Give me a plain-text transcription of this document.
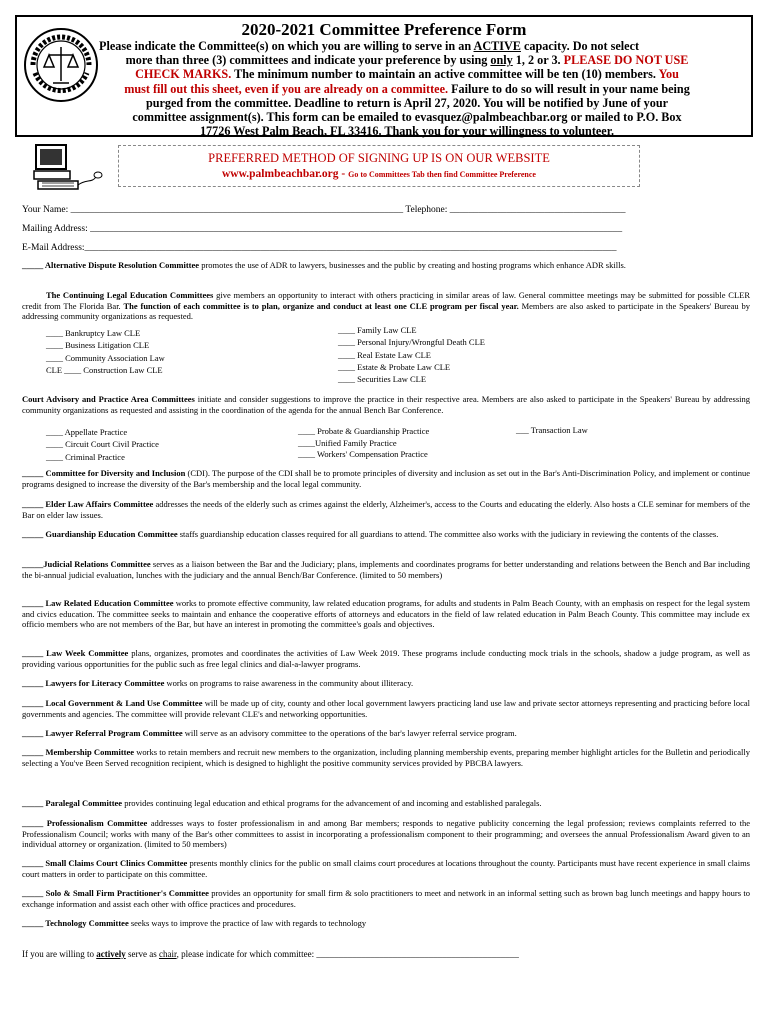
2020-2021 Committee Preference Form
Please indicate the Committee(s) on which you are willing to serve in an ACTIVE capacity. Do not select
more than three (3) committees and indicate your preference by using only 1, 2 or 3. PLEASE DO NOT USE
CHECK MARKS. The minimum number to maintain an active committee will be ten (10) members. You
must fill out this sheet, even if you are already on a committee. Failure to do so will result in your name being
purged from the committee. Deadline to return is April 27, 2020. You will be notified by June of your
committee assignment(s). This form can be emailed to evasquez@palmbeachbar.org or mailed to P.O. Box
17726 West Palm Beach, FL 33416. Thank you for your willingness to volunteer.
PREFERRED METHOD OF SIGNING UP IS ON OUR WEBSITE
www.palmbeachbar.org - Go to Committees Tab then find Committee Preference
Your Name: ______________________________________________________________________ Telephone: _____________________________________
Mailing Address: ________________________________________________________________________________________________________________
E-Mail Address:________________________________________________________________________________________________________________
_____ Alternative Dispute Resolution Committee promotes the use of ADR to lawyers, businesses and the public by creating and hosting programs which enhance ADR skills.
The Continuing Legal Education Committees give members an opportunity to interact with others practicing in similar areas of law. General committee meetings may be submitted for possible CLER credit from The Florida Bar. The function of each committee is to plan, organize and conduct at least one CLE program per fiscal year. Members are also asked to participate in the Speakers' Bureau by addressing community organizations as requested.
____ Bankruptcy Law CLE
____ Business Litigation CLE
____ Community Association Law
CLE ____ Construction Law CLE
____ Family Law CLE
____ Personal Injury/Wrongful Death CLE
____ Real Estate Law CLE
____ Estate & Probate Law CLE
____ Securities Law CLE
Court Advisory and Practice Area Committees initiate and consider suggestions to improve the practice in their respective area. Members are also asked to participate in the Speakers' Bureau by addressing community organizations as requested and assisting in the coordination of the agenda for the annual Bench Bar Conference.
____ Appellate Practice
____ Circuit Court Civil Practice
____ Criminal Practice
____ Probate & Guardianship Practice
____Unified Family Practice
____ Workers' Compensation Practice
___ Transaction Law
_____ Committee for Diversity and Inclusion (CDI). The purpose of the CDI shall be to promote principles of diversity and inclusion as set out in the Bar's Anti-Discrimination Policy, and implement or continue programs designed to increase the diversity of the Bar's membership and the local legal community.
_____ Elder Law Affairs Committee addresses the needs of the elderly such as crimes against the elderly, Alzheimer's, access to the Courts and educating the elderly. Also hosts a CLE seminar for members of the Bar on elder law issues.
_____ Guardianship Education Committee staffs guardianship education classes required for all guardians to attend. The committee also works with the judiciary in reviewing the contents of the classes.
_____Judicial Relations Committee serves as a liaison between the Bar and the Judiciary; plans, implements and coordinates programs for better understanding and relations between the Bench and Bar including the bi-annual judicial evaluation, lunches with the judiciary and the annual Bench/Bar Conference. (limited to 50 members)
_____ Law Related Education Committee works to promote effective community, law related education programs, for adults and students in Palm Beach County, with an emphasis on respect for the legal system and civics education. The committee seeks to maintain and enhance the cooperative efforts of attorneys and educators in the field of law related education in Palm Beach County. This committee may include ex officio members who are not members of the Bar, but have an interest in promoting the committee's goals and objectives.
_____ Law Week Committee plans, organizes, promotes and coordinates the activities of Law Week 2019. These programs include conducting mock trials in the schools, shadow a judge program, as well as providing various opportunities for the public such as free legal clinics and dial-a-lawyer programs.
_____ Lawyers for Literacy Committee works on programs to raise awareness in the community about illiteracy.
_____ Local Government & Land Use Committee will be made up of city, county and other local government lawyers practicing land use law and private sector attorneys representing and practicing before local governments and agencies. The committee will provide relevant CLE's and networking opportunities.
_____ Lawyer Referral Program Committee will serve as an advisory committee to the operations of the bar's lawyer referral service program.
_____ Membership Committee works to retain members and recruit new members to the organization, including planning membership events, preparing member highlight articles for the Bulletin and periodically selecting a You've Been Served recognition recipient, which is designed to highlight the positive community services provided by PBCBA lawyers.
_____ Paralegal Committee provides continuing legal education and ethical programs for the advancement of and incoming and established paralegals.
_____ Professionalism Committee addresses ways to foster professionalism in and among Bar members; responds to negative publicity concerning the legal profession; reviews complaints referred to the Professionalism Council; works with many of the Bar's other committees to assist in incorporating a professionalism component to their programming; and oversees the annual Professionalism Award given to an individual attorney or organization. (limited to 50 members)
_____ Small Claims Court Clinics Committee presents monthly clinics for the public on small claims court procedures at locations throughout the county. Participants must have recent experience in small claims court matters in order to participate on this committee.
_____ Solo & Small Firm Practitioner's Committee provides an opportunity for small firm & solo practitioners to meet and network in an informal setting such as brown bag lunch meetings and happy hours to exchange information and assist each other with office practices and procedures.
_____ Technology Committee seeks ways to improve the practice of law with regards to technology
If you are willing to actively serve as chair, please indicate for which committee: _____________________________________________
